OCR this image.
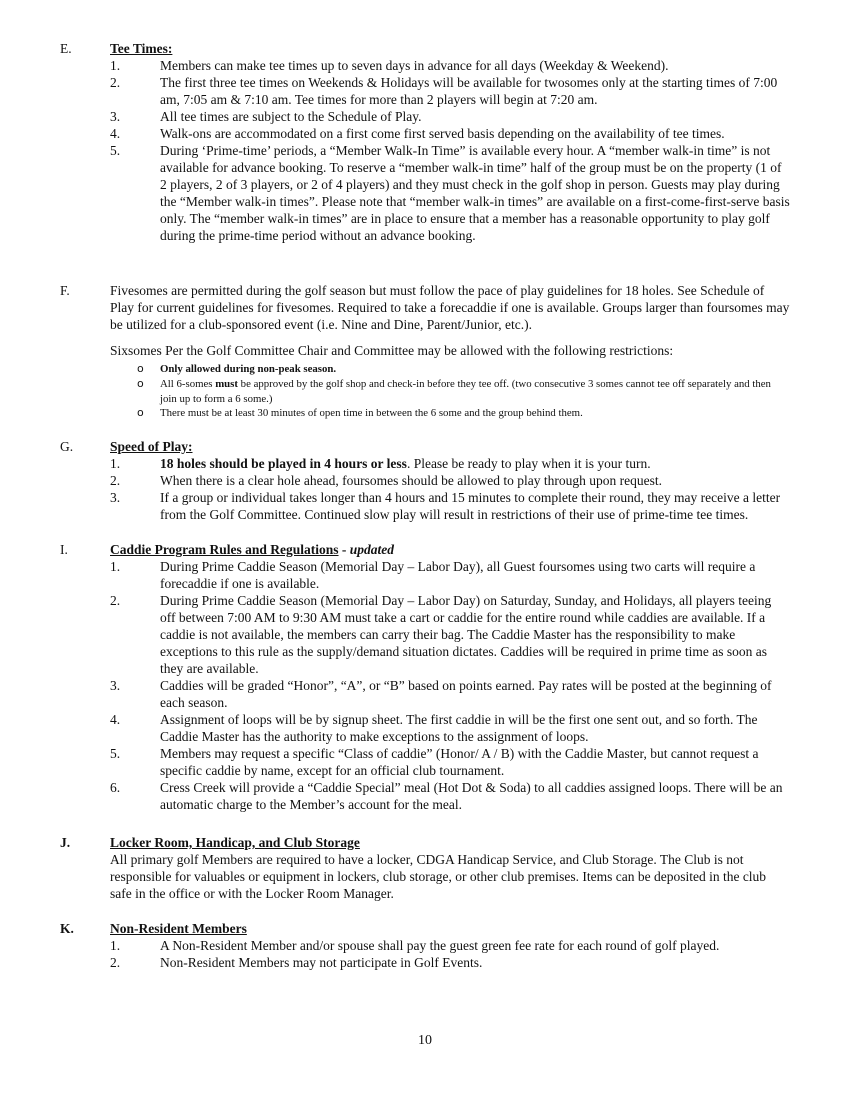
E.	Tee Times:
1.	Members can make tee times up to seven days in advance for all days (Weekday & Weekend).
2.	The first three tee times on Weekends & Holidays will be available for twosomes only at the starting times of 7:00 am, 7:05 am & 7:10 am. Tee times for more than 2 players will begin at 7:20 am.
3.	All tee times are subject to the Schedule of Play.
4.	Walk-ons are accommodated on a first come first served basis depending on the availability of tee times.
5.	During ‘Prime-time’ periods, a “Member Walk-In Time” is available every hour. A “member walk-in time” is not available for advance booking. To reserve a “member walk-in time” half of the group must be on the property (1 of 2 players, 2 of 3 players, or 2 of 4 players) and they must check in the golf shop in person. Guests may play during the “Member walk-in times”. Please note that “member walk-in times” are available on a first-come-first-serve basis only. The “member walk-in times” are in place to ensure that a member has a reasonable opportunity to play golf during the prime-time period without an advance booking.
F.	Fivesomes are permitted during the golf season but must follow the pace of play guidelines for 18 holes. See Schedule of Play for current guidelines for fivesomes. Required to take a forecaddie if one is available. Groups larger than foursomes may be utilized for a club-sponsored event (i.e. Nine and Dine, Parent/Junior, etc.).
Sixsomes Per the Golf Committee Chair and Committee may be allowed with the following restrictions:
o Only allowed during non-peak season.
o All 6-somes must be approved by the golf shop and check-in before they tee off. (two consecutive 3 somes cannot tee off separately and then join up to form a 6 some.)
o There must be at least 30 minutes of open time in between the 6 some and the group behind them.
G.	Speed of Play:
1.	18 holes should be played in 4 hours or less. Please be ready to play when it is your turn.
2.	When there is a clear hole ahead, foursomes should be allowed to play through upon request.
3.	If a group or individual takes longer than 4 hours and 15 minutes to complete their round, they may receive a letter from the Golf Committee. Continued slow play will result in restrictions of their use of prime-time tee times.
I.	Caddie Program Rules and Regulations - updated
1.	During Prime Caddie Season (Memorial Day – Labor Day), all Guest foursomes using two carts will require a forecaddie if one is available.
2.	During Prime Caddie Season (Memorial Day – Labor Day) on Saturday, Sunday, and Holidays, all players teeing off between 7:00 AM to 9:30 AM must take a cart or caddie for the entire round while caddies are available. If a caddie is not available, the members can carry their bag. The Caddie Master has the responsibility to make exceptions to this rule as the supply/demand situation dictates. Caddies will be required in prime time as soon as they are available.
3.	Caddies will be graded “Honor”, “A”, or “B” based on points earned. Pay rates will be posted at the beginning of each season.
4.	Assignment of loops will be by signup sheet. The first caddie in will be the first one sent out, and so forth. The Caddie Master has the authority to make exceptions to the assignment of loops.
5.	Members may request a specific “Class of caddie” (Honor/ A / B) with the Caddie Master, but cannot request a specific caddie by name, except for an official club tournament.
6.	Cress Creek will provide a “Caddie Special” meal (Hot Dot & Soda) to all caddies assigned loops. There will be an automatic charge to the Member’s account for the meal.
J.	Locker Room, Handicap, and Club Storage
All primary golf Members are required to have a locker, CDGA Handicap Service, and Club Storage. The Club is not responsible for valuables or equipment in lockers, club storage, or other club premises. Items can be deposited in the club safe in the office or with the Locker Room Manager.
K.	Non-Resident Members
1.	A Non-Resident Member and/or spouse shall pay the guest green fee rate for each round of golf played.
2.	Non-Resident Members may not participate in Golf Events.
10
